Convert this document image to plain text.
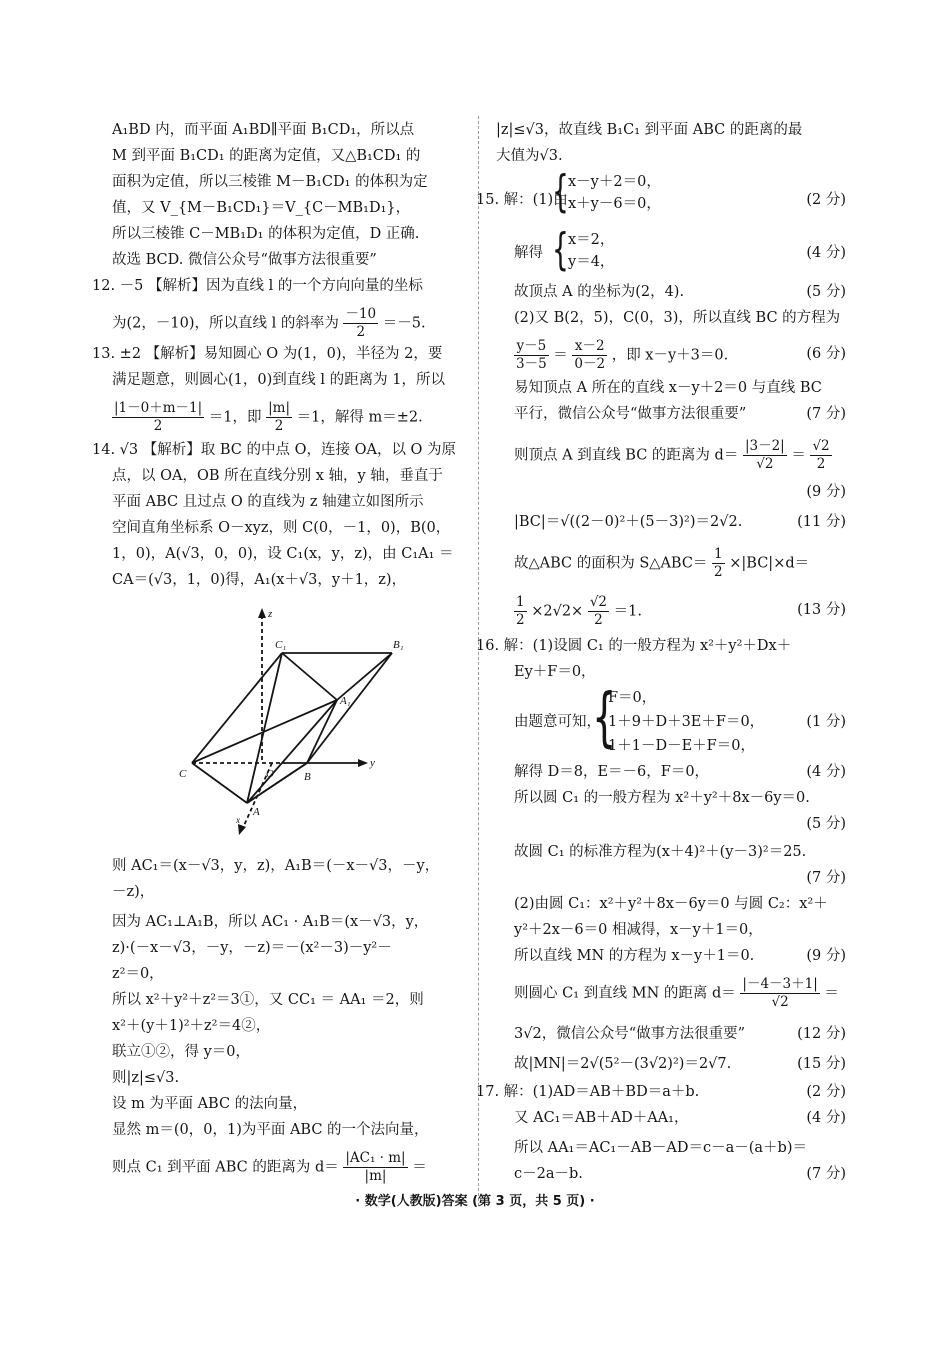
A₁BD 内，而平面 A₁BD∥平面 B₁CD₁，所以点
M 到平面 B₁CD₁ 的距离为定值，又△B₁CD₁ 的
面积为定值，所以三棱锥 M－B₁CD₁ 的体积为定
值，又 V_{M－B₁CD₁}＝V_{C－MB₁D₁}，
所以三棱锥 C－MB₁D₁ 的体积为定值，D 正确.
故选 BCD. 微信公众号“做事方法很重要”
12. －5 【解析】因为直线 l 的一个方向向量的坐标
为(2，－10)，所以直线 l 的斜率为 $\frac{-10}{2} =-5$.
13. ±2 【解析】易知圆心 O 为(1，0)，半径为 2，要
满足题意，则圆心(1，0)到直线 l 的距离为 1，所以
$\frac{|1-0+m-1|}{2} =1$，即 $\frac{|m|}{2} =1$，解得 m＝±2.
14. √3 【解析】取 BC 的中点 O，连接 OA，以 O 为原
点，以 OA，OB 所在直线分别 x 轴，y 轴，垂直于
平面 ABC 且过点 O 的直线为 z 轴建立如图所示
空间直角坐标系 O－xyz，则 C(0，－1，0)，B(0，
1，0)，A(√3，0，0)，设 C₁(x，y，z)，由 C₁A₁ ＝
CA＝(√3，1，0)得，A₁(x＋√3，y＋1，z)，
z
y
x
C₁	B₁
A₁
C	O	B
A
则 AC₁＝(x－√3，y，z)，A₁B＝(－x－√3，－y，
－z)，
因为 AC₁⊥A₁B，所以 AC₁ · A₁B＝(x－√3，y，
z)·(－x－√3，－y，－z)＝－(x²－3)－y²－
z²＝0，
所以 x²＋y²＋z²＝3①，又 CC₁ ＝ AA₁ ＝2，则
x²＋(y＋1)²＋z²＝4②，
联立①②，得 y＝0，
则|z|≤√3.
设 m 为平面 ABC 的法向量，
显然 m＝(0，0，1)为平面 ABC 的一个法向量，
则点 C₁ 到平面 ABC 的距离为 $d= \frac{\text{|AC₁ · m|}}{|m|}$ ＝
|z|≤√3，故直线 B₁C₁ 到平面 ABC 的距离的最
大值为√3.
15. 解：(1)由
{ x－y＋2＝0，
x＋y－6＝0，	(2 分)
解得 { x＝2，
y＝4，
(4 分)
故顶点 A 的坐标为(2，4).	(5 分)
(2)又 B(2，5)，C(0，3)，所以直线 BC 的方程为
$\frac{y-5}{3-5} = \frac{x-2}{0-2}$ ，即 x－y＋3＝0.	(6 分)
易知顶点 A 所在的直线 x－y＋2＝0 与直线 BC
平行，微信公众号“做事方法很重要”	(7 分)
则顶点 A 到直线 BC 的距离为 $d= \frac{|3-2|}{√2} = \frac{√2}{2}$
(9 分)
|BC|＝√((2－0)²＋(5－3)²)＝2√2.	(11 分)
故△ABC 的面积为 S△ABC＝ $\frac{1}{2} \times|BC|\times d=$
$\frac{1}{2} \times 2√2\times \frac{√2}{2} =1$.	(13 分)
16. 解：(1)设圆 C₁ 的一般方程为 x²＋y²＋Dx＋
Ey＋F＝0，
由题意可知，
{
F＝0，
1＋9＋D＋3E＋F＝0，
1＋1－D－E＋F＝0，
(1 分)
解得 D＝8，E＝－6，F＝0，	(4 分)
所以圆 C₁ 的一般方程为 x²＋y²＋8x－6y＝0.
(5 分)
故圆 C₁ 的标准方程为(x＋4)²＋(y－3)²＝25.
(7 分)
(2)由圆 C₁：x²＋y²＋8x－6y＝0 与圆 C₂：x²＋
y²＋2x－6＝0 相减得，x－y＋1＝0，
所以直线 MN 的方程为 x－y＋1＝0.	(9 分)
则圆心 C₁ 到直线 MN 的距离 $d= \frac{|-4-3+1|}{√2}$ ＝
3√2，微信公众号“做事方法很重要”	(12 分)
故|MN|＝2√(5²－(3√2)²)＝2√7.	(15 分)
17. 解：(1)AD＝AB＋BD＝a＋b.	(2 分)
又 AC₁＝AB＋AD＋AA₁，	(4 分)
所以 AA₁＝AC₁－AB－AD＝c－a－(a＋b)＝
c－2a－b.	(7 分)
· 数学(人教版)答案 (第 3 页，共 5 页) ·
